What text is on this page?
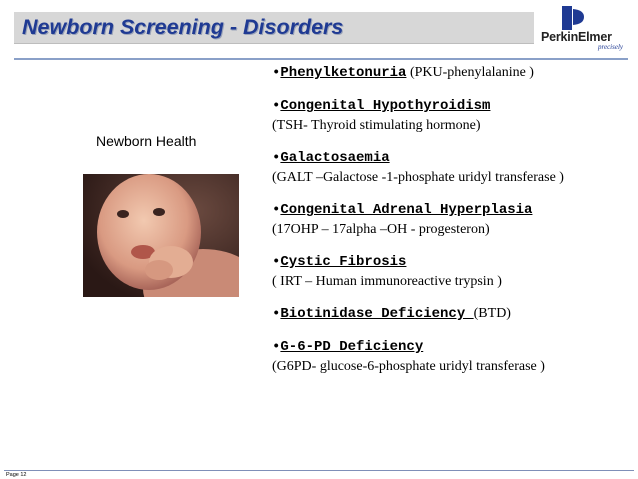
Newborn Screening - Disorders	PerkinElmer
precisely
Newborn Health
•Phenylketonuria (PKU-phenylalanine )
•Congenital Hypothyroidism
(TSH- Thyroid stimulating hormone)
•Galactosaemia
(GALT –Galactose -1-phosphate uridyl transferase )
•Congenital Adrenal Hyperplasia
(17OHP – 17alpha –OH - progesteron)
•Cystic Fibrosis
( IRT – Human immunoreactive trypsin )
•Biotinidase Deficiency (BTD)
•G-6-PD Deficiency
(G6PD- glucose-6-phosphate uridyl transferase )
Page 12
